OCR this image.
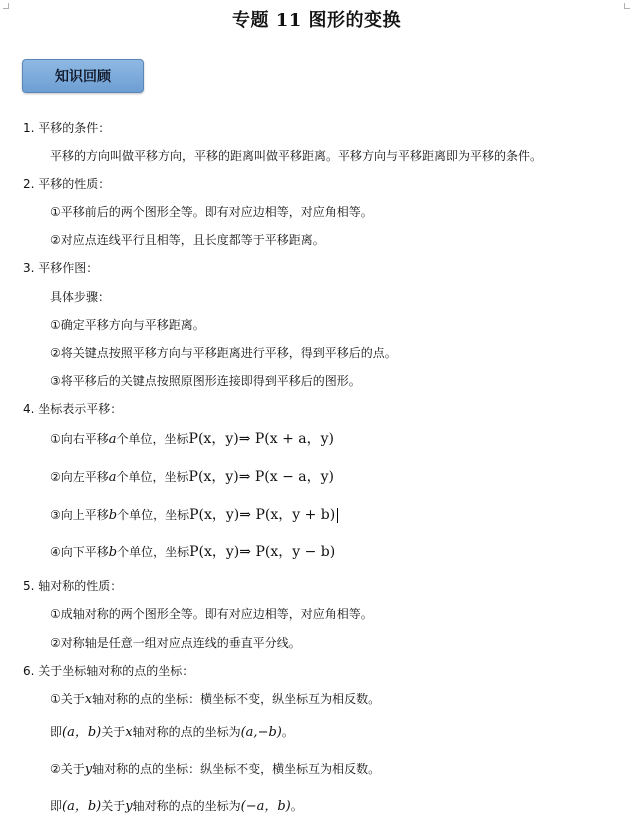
专题 11 图形的变换
知识回顾
1. 平移的条件：
平移的方向叫做平移方向，平移的距离叫做平移距离。平移方向与平移距离即为平移的条件。
2. 平移的性质：
①平移前后的两个图形全等。即有对应边相等，对应角相等。
②对应点连线平行且相等，且长度都等于平移距离。
3. 平移作图：
具体步骤：
①确定平移方向与平移距离。
②将关键点按照平移方向与平移距离进行平移，得到平移后的点。
③将平移后的关键点按照原图形连接即得到平移后的图形。
4. 坐标表示平移：
①向右平移a个单位，坐标P(x，y)⇒ P(x + a，y)
②向左平移a个单位，坐标P(x，y)⇒ P(x − a，y)
③向上平移b个单位，坐标P(x，y)⇒ P(x，y + b)
④向下平移b个单位，坐标P(x，y)⇒ P(x，y − b)
5. 轴对称的性质：
①成轴对称的两个图形全等。即有对应边相等，对应角相等。
②对称轴是任意一组对应点连线的垂直平分线。
6. 关于坐标轴对称的点的坐标：
①关于x轴对称的点的坐标：横坐标不变，纵坐标互为相反数。
即(a，b)关于x轴对称的点的坐标为(a,−b)。
②关于y轴对称的点的坐标：纵坐标不变，横坐标互为相反数。
即(a，b)关于y轴对称的点的坐标为(−a，b)。
